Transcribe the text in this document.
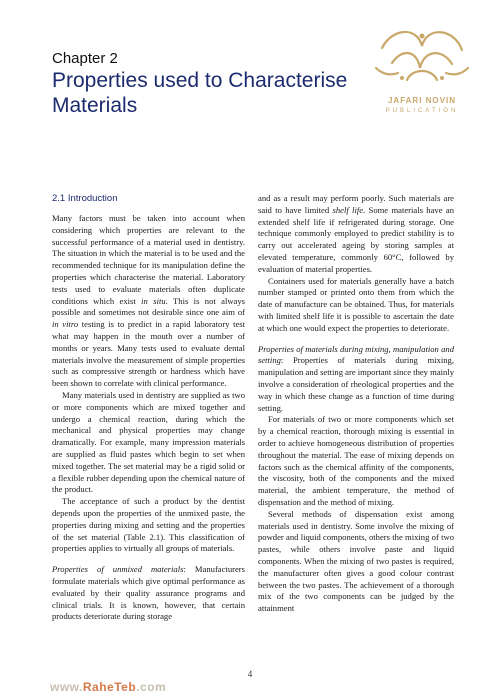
Chapter 2
Properties used to Characterise
Materials	JAFARI NOVIN
PUBLICATION
2.1 Introduction

Many factors must be taken into account when considering which properties are relevant to the successful performance of a material used in dentistry. The situation in which the material is to be used and the recommended technique for its manipulation define the properties which characterise the material. Laboratory tests used to evaluate materials often duplicate conditions which exist in situ. This is not always possible and sometimes not desirable since one aim of in vitro testing is to predict in a rapid laboratory test what may happen in the mouth over a number of months or years. Many tests used to evaluate dental materials involve the measurement of simple properties such as compressive strength or hardness which have been shown to correlate with clinical performance.

Many materials used in dentistry are supplied as two or more components which are mixed together and undergo a chemical reaction, during which the mechanical and physical properties may change dramatically. For example, many impression materials are supplied as fluid pastes which begin to set when mixed together. The set material may be a rigid solid or a flexible rubber depending upon the chemical nature of the product.

The acceptance of such a product by the dentist depends upon the properties of the unmixed paste, the properties during mixing and setting and the properties of the set material (Table 2.1). This classification of properties applies to virtually all groups of materials.

Properties of unmixed materials: Manufacturers formulate materials which give optimal performance as evaluated by their quality assurance programs and clinical trials. It is known, however, that certain products deteriorate during storage

and as a result may perform poorly. Such materials are said to have limited shelf life. Some materials have an extended shelf life if refrigerated during storage. One technique commonly employed to predict stability is to carry out accelerated ageing by storing samples at elevated temperature, commonly 60°C, followed by evaluation of material properties.

Containers used for materials generally have a batch number stamped or printed onto them from which the date of manufacture can be obtained. Thus, for materials with limited shelf life it is possible to ascertain the date at which one would expect the properties to deteriorate.

Properties of materials during mixing, manipulation and setting: Properties of materials during mixing, manipulation and setting are important since they mainly involve a consideration of rheological properties and the way in which these change as a function of time during setting.

For materials of two or more components which set by a chemical reaction, thorough mixing is essential in order to achieve homogeneous distribution of properties throughout the material. The ease of mixing depends on factors such as the chemical affinity of the components, the viscosity, both of the components and the mixed material, the ambient temperature, the method of dispensation and the method of mixing.

Several methods of dispensation exist among materials used in dentistry. Some involve the mixing of powder and liquid components, others the mixing of two pastes, while others involve paste and liquid components. When the mixing of two pastes is required, the manufacturer often gives a good colour contrast between the two pastes. The achievement of a thorough mix of the two components can be judged by the attainment

4
www.RaheTeb.com
